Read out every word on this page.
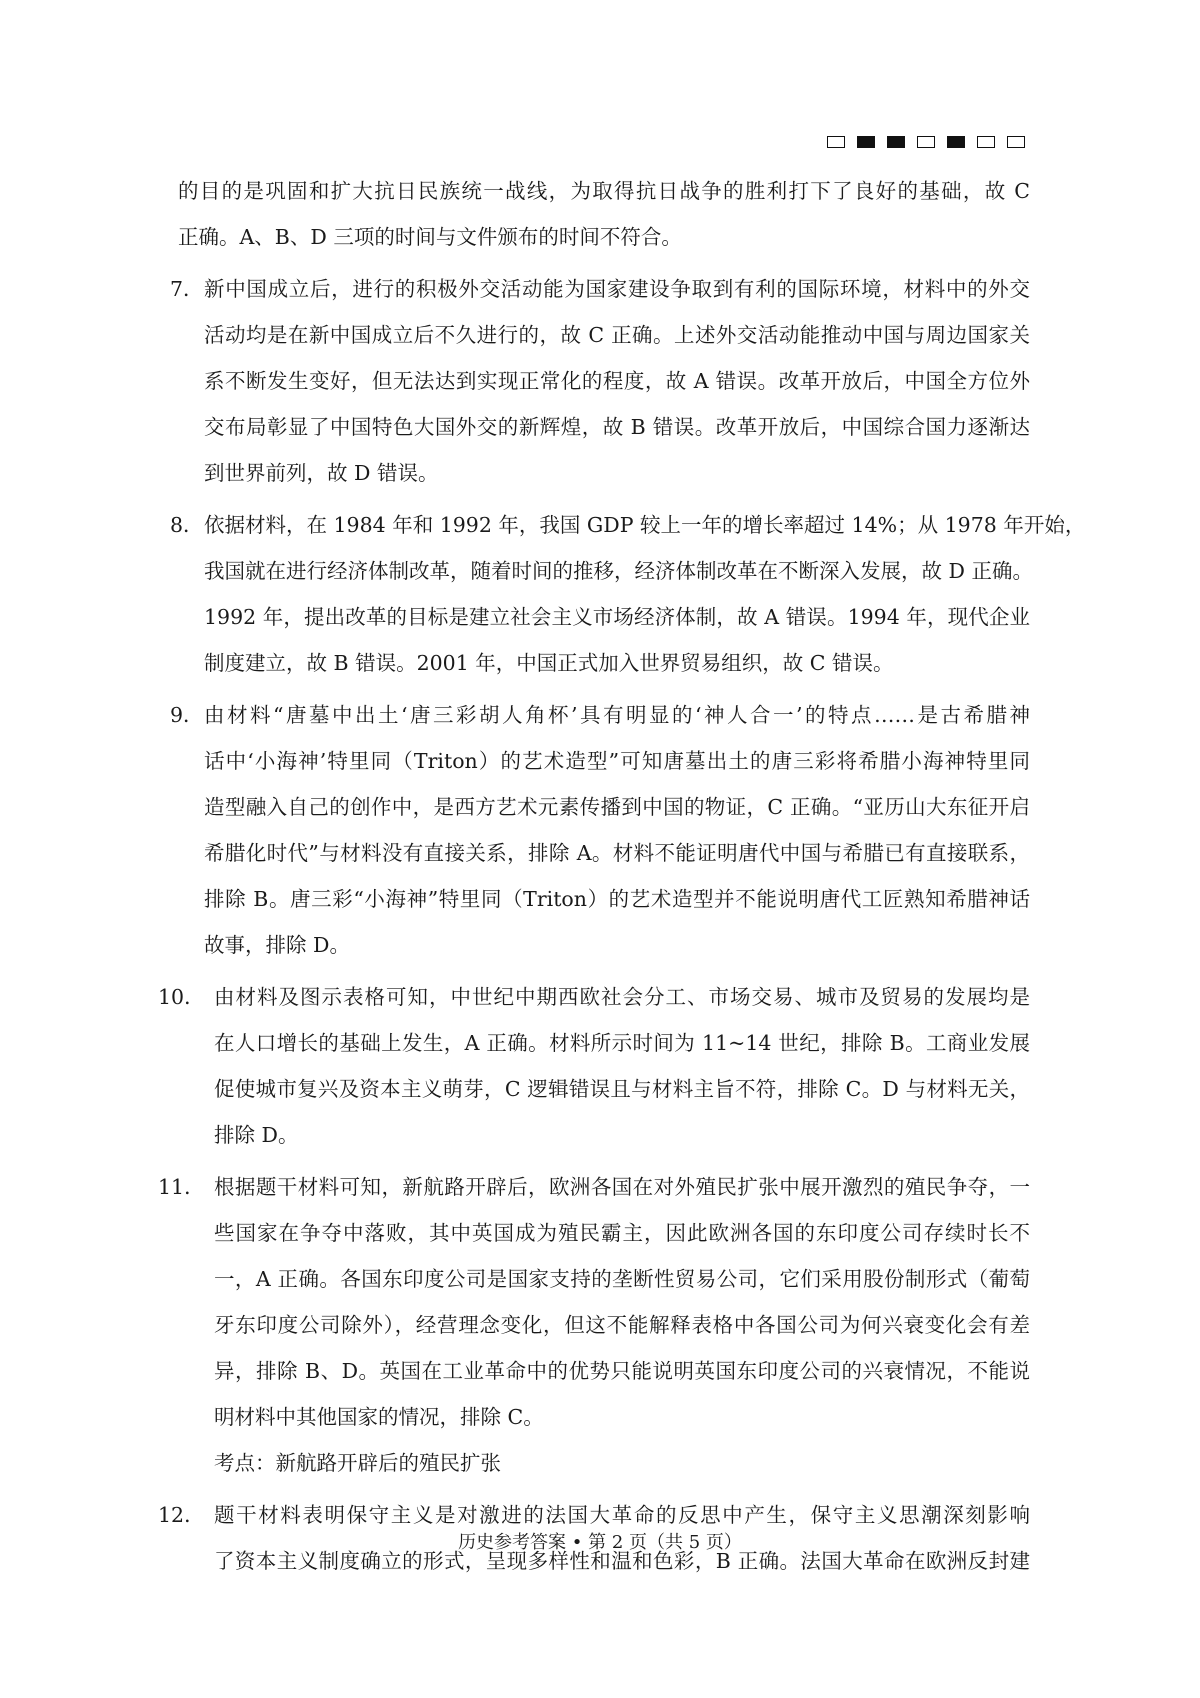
的目的是巩固和扩大抗日民族统一战线，为取得抗日战争的胜利打下了良好的基础，故 C
正确。A、B、D 三项的时间与文件颁布的时间不符合。
7． 新中国成立后，进行的积极外交活动能为国家建设争取到有利的国际环境，材料中的外交
活动均是在新中国成立后不久进行的，故 C 正确。上述外交活动能推动中国与周边国家关
系不断发生变好，但无法达到实现正常化的程度，故 A 错误。改革开放后，中国全方位外
交布局彰显了中国特色大国外交的新辉煌，故 B 错误。改革开放后，中国综合国力逐渐达
到世界前列，故 D 错误。
8． 依据材料，在 1984 年和 1992 年，我国 GDP 较上一年的增长率超过 14%；从 1978 年开始，
我国就在进行经济体制改革，随着时间的推移，经济体制改革在不断深入发展，故 D 正确。
1992 年，提出改革的目标是建立社会主义市场经济体制，故 A 错误。1994 年，现代企业
制度建立，故 B 错误。2001 年，中国正式加入世界贸易组织，故 C 错误。
9． 由材料“唐墓中出土‘唐三彩胡人角杯’具有明显的‘神人合一’的特点……是古希腊神
话中‘小海神’特里同（Triton）的艺术造型”可知唐墓出土的唐三彩将希腊小海神特里同
造型融入自己的创作中，是西方艺术元素传播到中国的物证，C 正确。“亚历山大东征开启
希腊化时代”与材料没有直接关系，排除 A。材料不能证明唐代中国与希腊已有直接联系，
排除 B。唐三彩“小海神”特里同（Triton）的艺术造型并不能说明唐代工匠熟知希腊神话
故事，排除 D。
10． 由材料及图示表格可知，中世纪中期西欧社会分工、市场交易、城市及贸易的发展均是
在人口增长的基础上发生，A 正确。材料所示时间为 11~14 世纪，排除 B。工商业发展
促使城市复兴及资本主义萌芽，C 逻辑错误且与材料主旨不符，排除 C。D 与材料无关，
排除 D。
11． 根据题干材料可知，新航路开辟后，欧洲各国在对外殖民扩张中展开激烈的殖民争夺，一
些国家在争夺中落败，其中英国成为殖民霸主，因此欧洲各国的东印度公司存续时长不
一，A 正确。各国东印度公司是国家支持的垄断性贸易公司，它们采用股份制形式（葡萄
牙东印度公司除外），经营理念变化，但这不能解释表格中各国公司为何兴衰变化会有差
异，排除 B、D。英国在工业革命中的优势只能说明英国东印度公司的兴衰情况，不能说
明材料中其他国家的情况，排除 C。
考点：新航路开辟后的殖民扩张
12． 题干材料表明保守主义是对激进的法国大革命的反思中产生，保守主义思潮深刻影响
了资本主义制度确立的形式，呈现多样性和温和色彩，B 正确。法国大革命在欧洲反封建
历史参考答案 • 第 2 页（共 5 页）
